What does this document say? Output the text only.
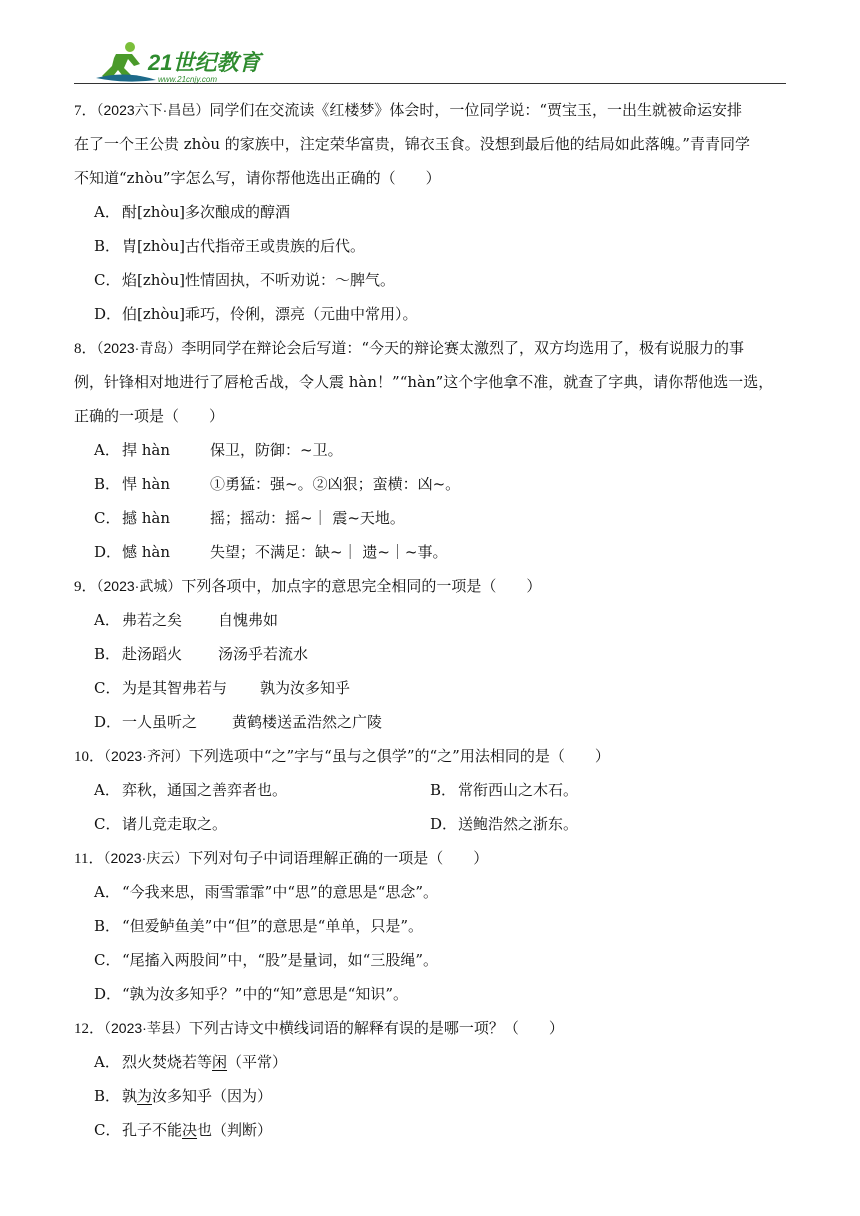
21世纪教育
www.21cnjy.com
7．（2023六下·昌邑）同学们在交流读《红楼梦》体会时，一位同学说：“贾宝玉，一出生就被命运安排
在了一个王公贵 zhòu 的家族中，注定荣华富贵，锦衣玉食。没想到最后他的结局如此落魄。”青青同学
不知道“zhòu”字怎么写，请你帮他选出正确的（　　）
A． 酎[zhòu]多次酿成的醇酒
B． 胄[zhòu]古代指帝王或贵族的后代。
C． 焰[zhòu]性情固执，不听劝说：～脾气。
D．伯[zhòu]乖巧，伶俐，漂亮（元曲中常用）。
8．（2023·青岛）李明同学在辩论会后写道：“今天的辩论赛太激烈了，双方均选用了，极有说服力的事
例，针锋相对地进行了唇枪舌战，令人震 hàn！”“hàn”这个字他拿不准，就查了字典，请你帮他选一选，
正确的一项是（　　）
A． 捍 hàn	保卫，防御：~卫。
B． 悍 hàn	①勇猛：强~。②凶狠；蛮横：凶~。
C． 撼 hàn	摇；摇动：摇~｜ 震~天地。
D．憾 hàn	失望；不满足：缺~｜ 遗~｜~事。
9．（2023·武城）下列各项中，加点字的意思完全相同的一项是（　　）
A． 弗若之矣 自愧弗如
B． 赴汤蹈火 汤汤乎若流水
C． 为是其智弗若与 孰为汝多知乎
D．一人虽听之 黄鹤楼送孟浩然之广陵
10．（2023·齐河）下列选项中“之”字与“虽与之俱学”的“之”用法相同的是（　　）
A． 弈秋，通国之善弈者也。	B． 常衔西山之木石。
C． 诸儿竞走取之。	D．送鲍浩然之浙东。
11．（2023·庆云）下列对句子中词语理解正确的一项是（　　）
A． “今我来思，雨雪霏霏”中“思”的意思是“思念”。
B． “但爱鲈鱼美”中“但”的意思是“单单，只是”。
C． “尾搐入两股间”中，“股”是量词，如“三股绳”。
D．“孰为汝多知乎？”中的“知”意思是“知识”。
12．（2023·莘县）下列古诗文中横线词语的解释有误的是哪一项？（　　）
A． 烈火焚烧若等闲（平常）
B． 孰为汝多知乎（因为）
C． 孔子不能决也（判断）
